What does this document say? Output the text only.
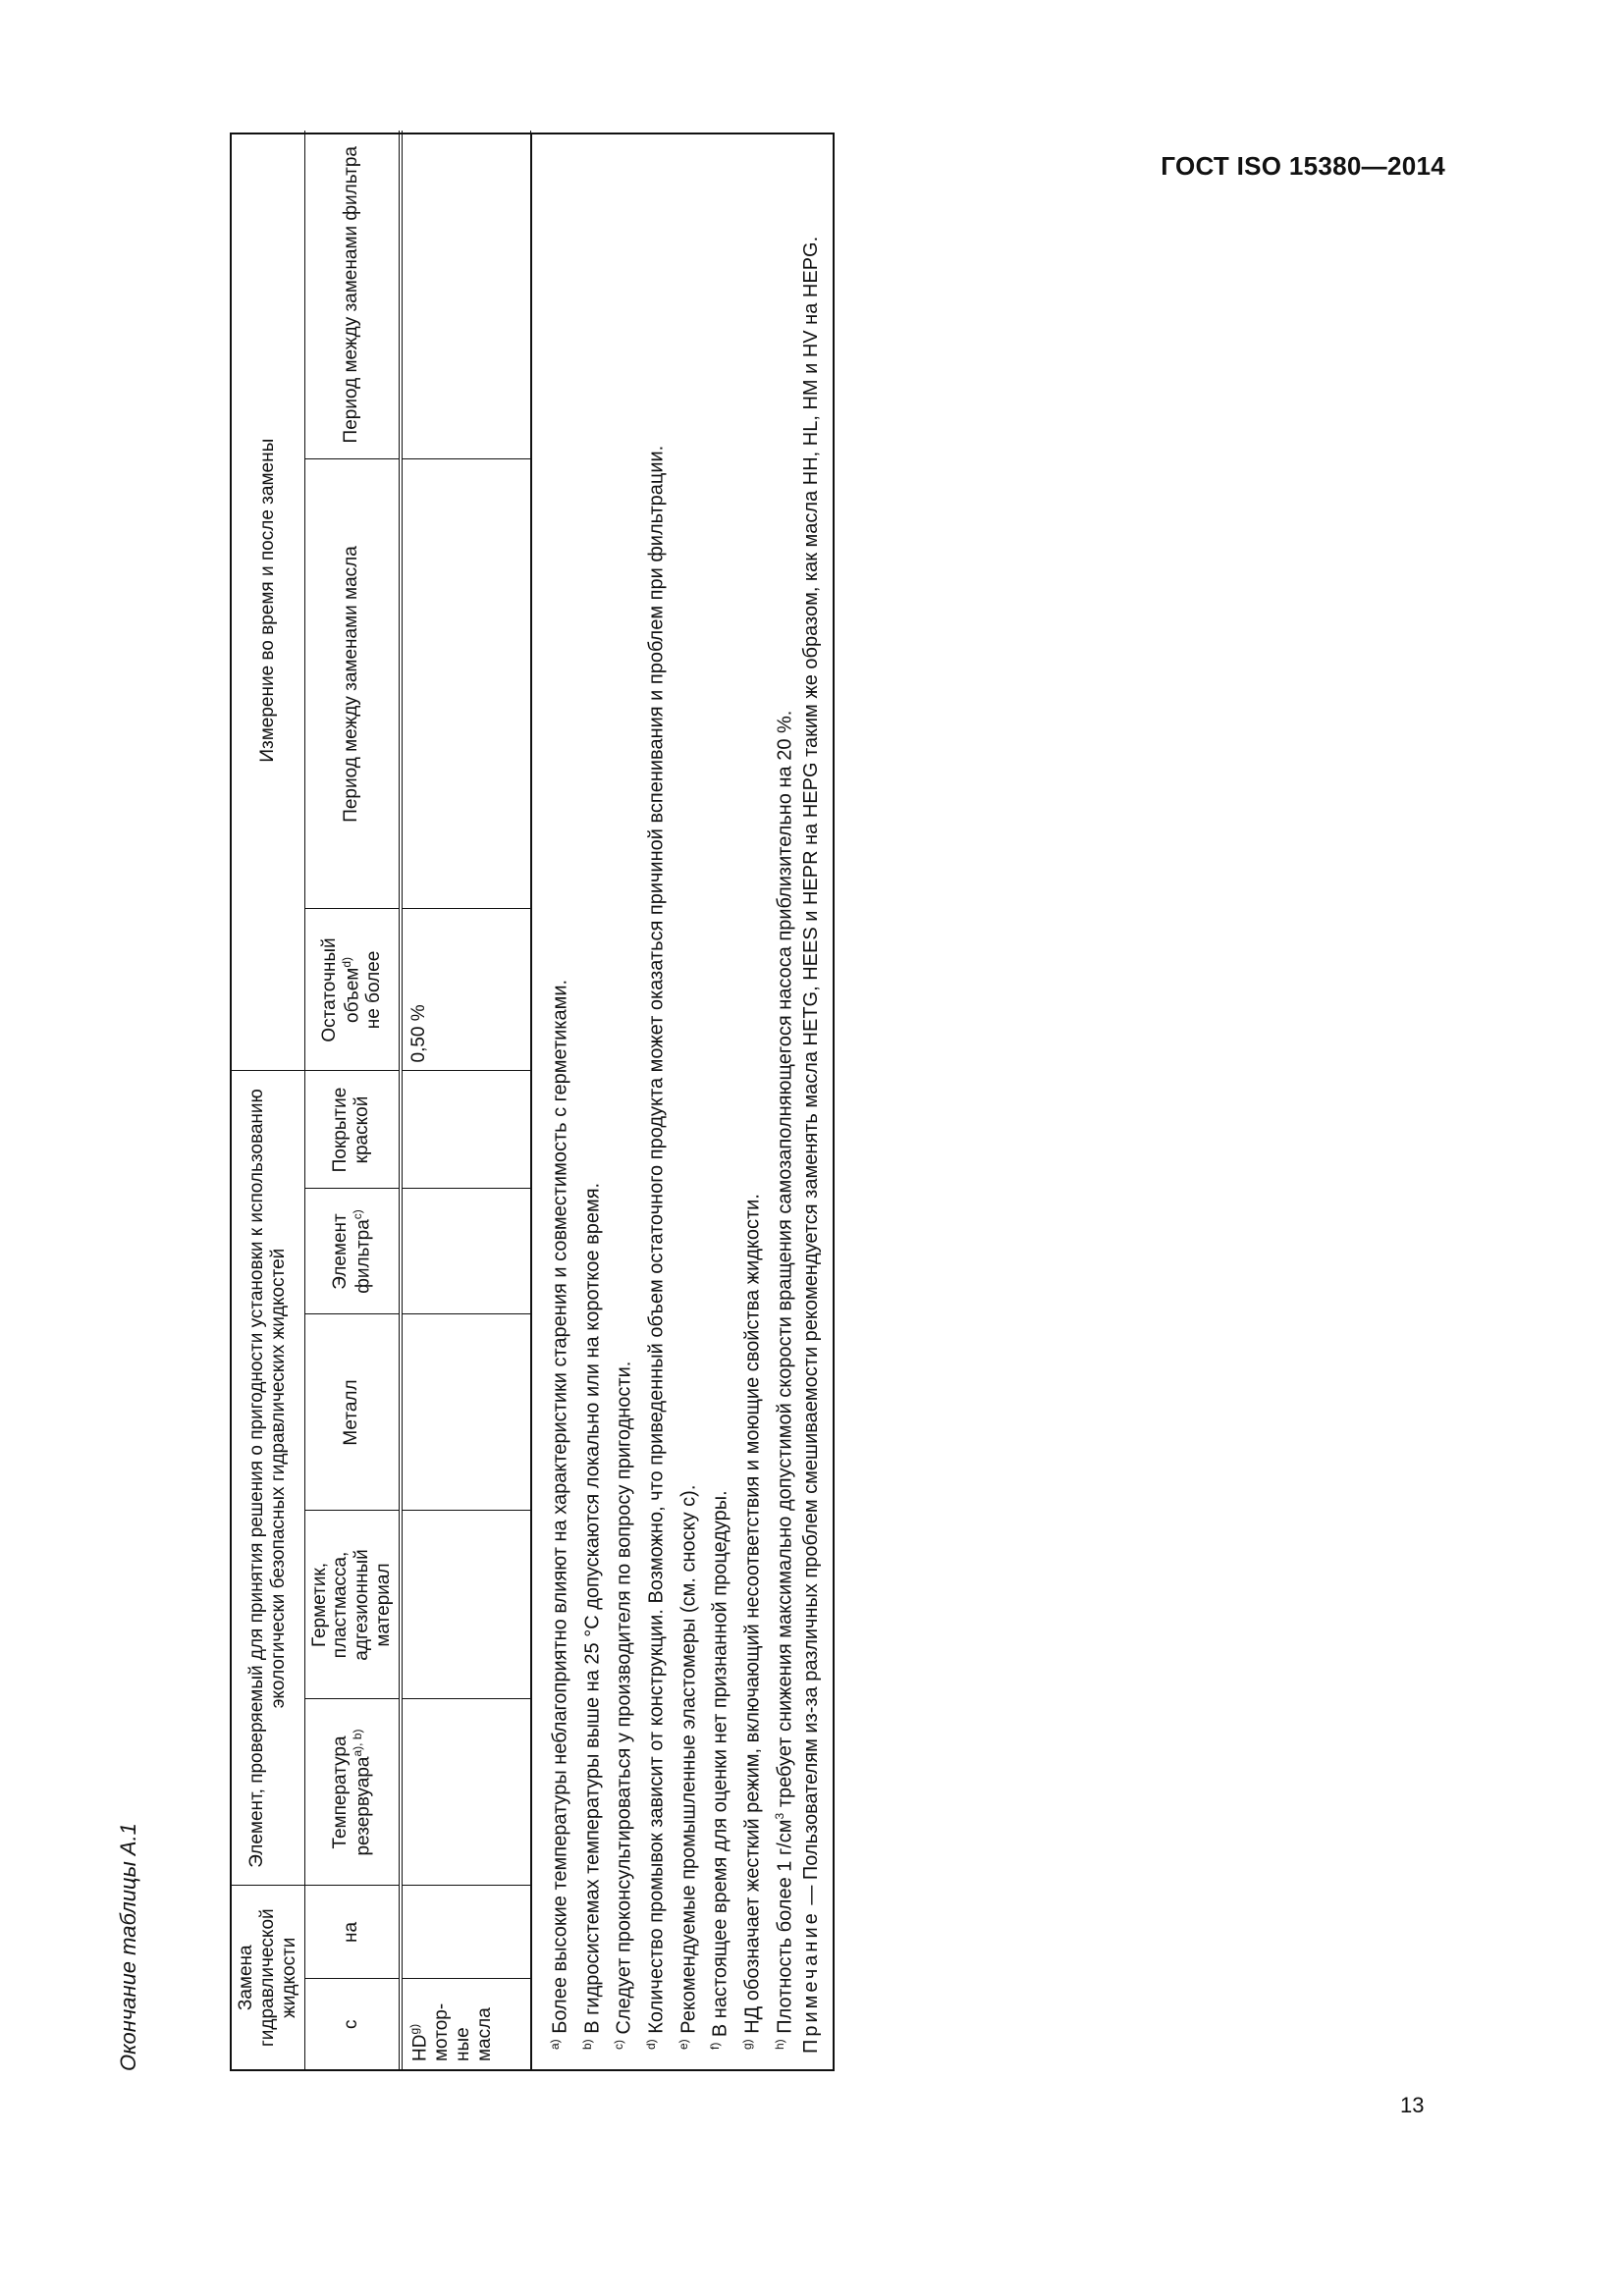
ГОСТ ISO 15380—2014
13
Окончание таблицы А.1	Замена гидравлической жидкости		Элемент, проверяемый для принятия решения о пригодности установки к использованию экологически безопасных гидравлических жидкостей					Измерение во время и после замены		
с	на	Температура резервуара$^{a), b)}$	Герметик, пластмасса, адгезионный материал	Металл	Элемент фильтра$^{c)}$	Покрытие краской	Остаточный объем$^{d)}$ не более	Период между заменами масла	Период между заменами фильтра
HD$^{g)}$ мотор-ные масла							0,50 %		
$^{a)}$ Более высокие температуры неблагоприятно влияют на характеристики старения и совместимость с герметиками.
$^{b)}$ В гидросистемах температуры выше на 25 °С допускаются локально или на короткое время.
$^{c)}$ Следует проконсультироваться у производителя по вопросу пригодности.
$^{d)}$ Количество промывок зависит от конструкции. Возможно, что приведенный объем остаточного продукта может оказаться причиной вспенивания и проблем при фильтрации.
$^{e)}$ Рекомендуемые промышленные эластомеры (см. сноску c).
$^{f)}$ В настоящее время для оценки нет признанной процедуры.
$^{g)}$ НД обозначает жесткий режим, включающий несоответствия и моющие свойства жидкости.
$^{h)}$ Плотность более 1 $г/см^3$ требует снижения максимально допустимой скорости вращения самозаполняющегося насоса приблизительно на 20 %.
Примечание — Пользователям из-за различных проблем смешиваемости рекомендуется заменять масла HETG, HEES и HEPR на HEPG таким же образом, как масла HH, HL, HM и HV на HEPG.
